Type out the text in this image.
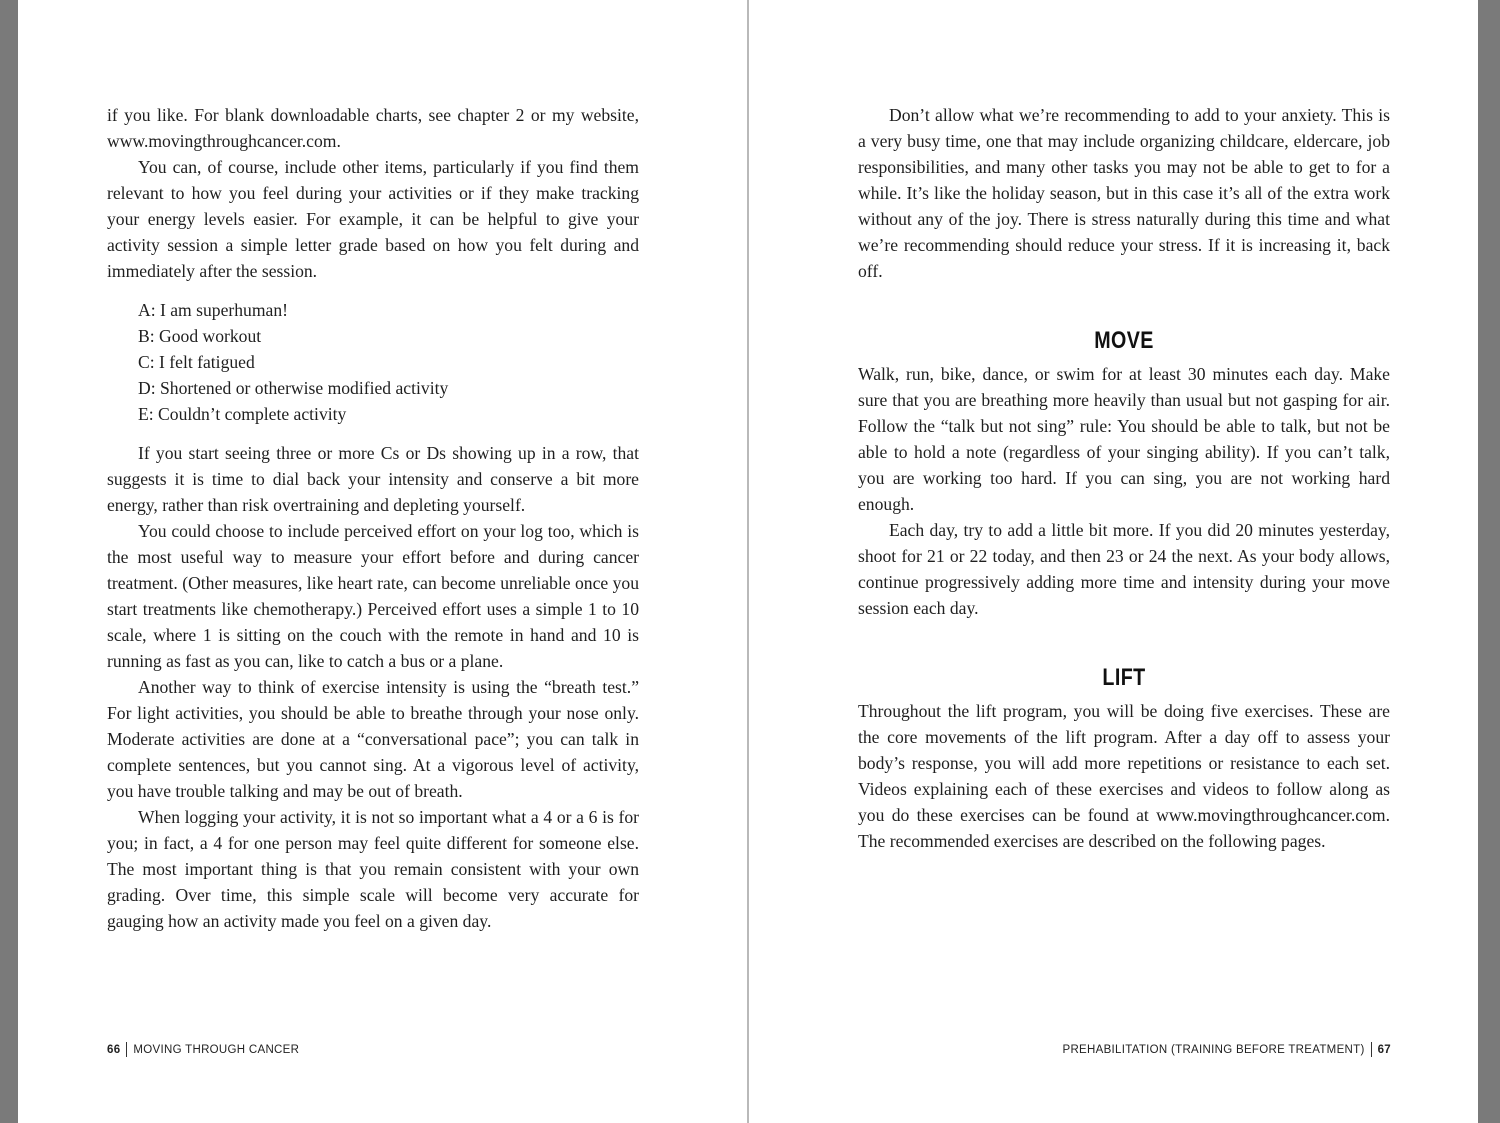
if you like. For blank downloadable charts, see chapter 2 or my website, www.movingthroughcancer.com.

You can, of course, include other items, particularly if you find them relevant to how you feel during your activities or if they make tracking your energy levels easier. For example, it can be helpful to give your activity session a simple letter grade based on how you felt during and immediately after the session.

A: I am superhuman!
B: Good workout
C: I felt fatigued
D: Shortened or otherwise modified activity
E: Couldn’t complete activity

If you start seeing three or more Cs or Ds showing up in a row, that suggests it is time to dial back your intensity and conserve a bit more energy, rather than risk overtraining and depleting yourself.

You could choose to include perceived effort on your log too, which is the most useful way to measure your effort before and during cancer treatment. (Other measures, like heart rate, can become unreliable once you start treatments like chemotherapy.) Perceived effort uses a simple 1 to 10 scale, where 1 is sitting on the couch with the remote in hand and 10 is running as fast as you can, like to catch a bus or a plane.

Another way to think of exercise intensity is using the “breath test.” For light activities, you should be able to breathe through your nose only. Moderate activities are done at a “conversational pace”; you can talk in complete sentences, but you cannot sing. At a vigorous level of activity, you have trouble talking and may be out of breath.

When logging your activity, it is not so important what a 4 or a 6 is for you; in fact, a 4 for one person may feel quite different for someone else. The most important thing is that you remain consistent with your own grading. Over time, this simple scale will become very accurate for gauging how an activity made you feel on a given day.

66 MOVING THROUGH CANCER

Don’t allow what we’re recommending to add to your anxiety. This is a very busy time, one that may include organizing childcare, eldercare, job responsibilities, and many other tasks you may not be able to get to for a while. It’s like the holiday season, but in this case it’s all of the extra work without any of the joy. There is stress naturally during this time and what we’re recommending should reduce your stress. If it is increasing it, back off.

MOVE

Walk, run, bike, dance, or swim for at least 30 minutes each day. Make sure that you are breathing more heavily than usual but not gasping for air. Follow the “talk but not sing” rule: You should be able to talk, but not be able to hold a note (regardless of your singing ability). If you can’t talk, you are working too hard. If you can sing, you are not working hard enough.

Each day, try to add a little bit more. If you did 20 minutes yesterday, shoot for 21 or 22 today, and then 23 or 24 the next. As your body allows, continue progressively adding more time and intensity during your move session each day.

LIFT

Throughout the lift program, you will be doing five exercises. These are the core movements of the lift program. After a day off to assess your body’s response, you will add more repetitions or resistance to each set. Videos explaining each of these exercises and videos to follow along as you do these exercises can be found at www.movingthroughcancer.com. The recommended exercises are described on the following pages.

PREHABILITATION (TRAINING BEFORE TREATMENT) 67
